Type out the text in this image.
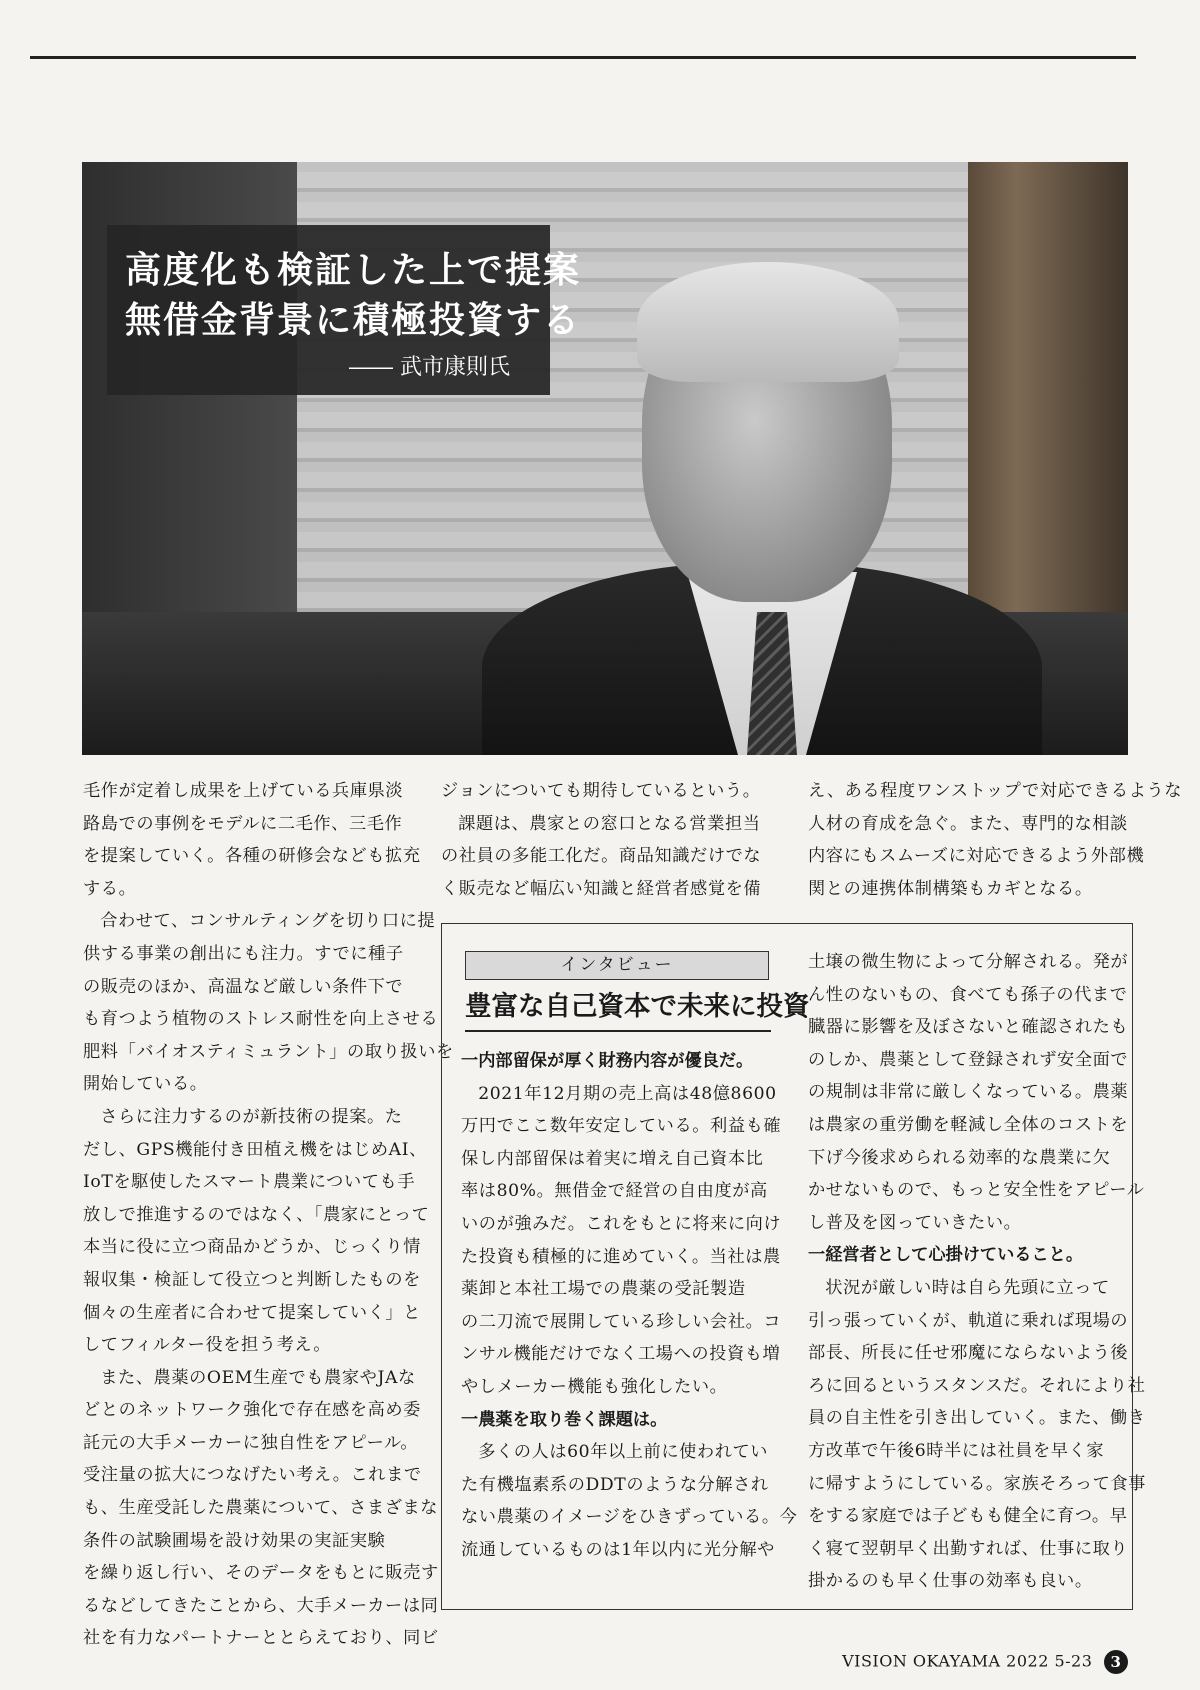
高度化も検証した上で提案
無借金背景に積極投資する
―― 武市康則氏

毛作が定着し成果を上げている兵庫県淡

路島での事例をモデルに二毛作、三毛作

を提案していく。各種の研修会なども拡充

する。

合わせて、コンサルティングを切り口に提

供する事業の創出にも注力。すでに種子

の販売のほか、高温など厳しい条件下で

も育つよう植物のストレス耐性を向上させる

肥料「バイオスティミュラント」の取り扱いを

開始している。

さらに注力するのが新技術の提案。た

だし、GPS機能付き田植え機をはじめAI、

IoTを駆使したスマート農業についても手

放しで推進するのではなく、「農家にとって

本当に役に立つ商品かどうか、じっくり情

報収集・検証して役立つと判断したものを

個々の生産者に合わせて提案していく」と

してフィルター役を担う考え。

また、農薬のOEM生産でも農家やJAな

どとのネットワーク強化で存在感を高め委

託元の大手メーカーに独自性をアピール。

受注量の拡大につなげたい考え。これまで

も、生産受託した農薬について、さまざまな

条件の試験圃場を設け効果の実証実験

を繰り返し行い、そのデータをもとに販売す

るなどしてきたことから、大手メーカーは同

社を有力なパートナーととらえており、同ビ

ジョンについても期待しているという。

課題は、農家との窓口となる営業担当

の社員の多能工化だ。商品知識だけでな

く販売など幅広い知識と経営者感覚を備

え、ある程度ワンストップで対応できるような

人材の育成を急ぐ。また、専門的な相談

内容にもスムーズに対応できるよう外部機

関との連携体制構築もカギとなる。

インタビュー
豊富な自己資本で未来に投資

一内部留保が厚く財務内容が優良だ。

2021年12月期の売上高は48億8600

万円でここ数年安定している。利益も確

保し内部留保は着実に増え自己資本比

率は80%。無借金で経営の自由度が高

いのが強みだ。これをもとに将来に向け

た投資も積極的に進めていく。当社は農

薬卸と本社工場での農薬の受託製造

の二刀流で展開している珍しい会社。コ

ンサル機能だけでなく工場への投資も増

やしメーカー機能も強化したい。

一農薬を取り巻く課題は。

多くの人は60年以上前に使われてい

た有機塩素系のDDTのような分解され

ない農薬のイメージをひきずっている。今

流通しているものは1年以内に光分解や

土壌の微生物によって分解される。発が

ん性のないもの、食べても孫子の代まで

臓器に影響を及ぼさないと確認されたも

のしか、農薬として登録されず安全面で

の規制は非常に厳しくなっている。農薬

は農家の重労働を軽減し全体のコストを

下げ今後求められる効率的な農業に欠

かせないもので、もっと安全性をアピール

し普及を図っていきたい。

一経営者として心掛けていること。

状況が厳しい時は自ら先頭に立って

引っ張っていくが、軌道に乗れば現場の

部長、所長に任せ邪魔にならないよう後

ろに回るというスタンスだ。それにより社

員の自主性を引き出していく。また、働き

方改革で午後6時半には社員を早く家

に帰すようにしている。家族そろって食事

をする家庭では子どもも健全に育つ。早

く寝て翌朝早く出勤すれば、仕事に取り

掛かるのも早く仕事の効率も良い。

VISION OKAYAMA 2022 5-23 3
